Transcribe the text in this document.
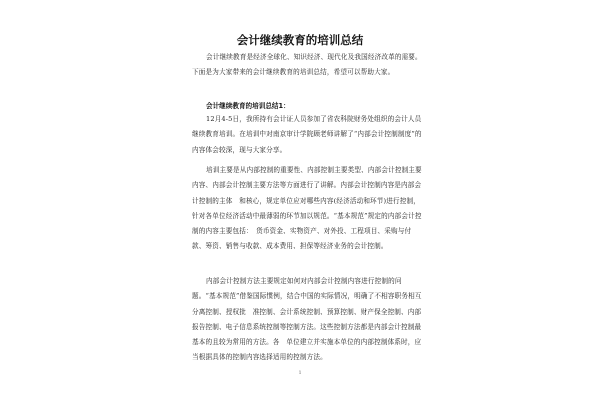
会计继续教育的培训总结

会计继续教育是经济全球化、知识经济、现代化及我国经济改革的需要。下面是为大家带来的会计继续教育的培训总结，希望可以帮助大家。

会计继续教育的培训总结1：

12月4-5日，我所持有会计证人员参加了省农科院财务处组织的会计人员继续教育培训。在培训中对南京审计学院顾老师讲解了“内部会计控制制度”的内容体会较深，现与大家分享。

培训主要是从内部控制的重要性、内部控制主要类型、内部会计控制主要内容、内部会计控制主要方法等方面进行了讲解。内部会计控制内容是内部会计控制的主体　和核心，规定单位应对哪些内容(经济活动和环节)进行控制，针对各单位经济活动中最薄弱的环节加以规范。“基本规范”规定的内部会计控制的内容主要包括：　货币资金、实物资产、对外投、工程项目、采购与付款、筹资、销售与收款、成本费用、担保等经济业务的会计控制。

内部会计控制方法主要规定如何对内部会计控制内容进行控制的问题。“基本规范”借鉴国际惯例，结合中国的实际情况，明确了不相容职务相互分离控制、授权批　准控制、会计系统控制、预算控制、财产保全控制、内部报告控制、电子信息系统控制等控制方法。这些控制方法都是内部会计控制最基本的且较为常用的方法。各　单位建立并实施本单位的内部控制体系时，应当根据具体的控制内容选择适用的控制方法。

1
